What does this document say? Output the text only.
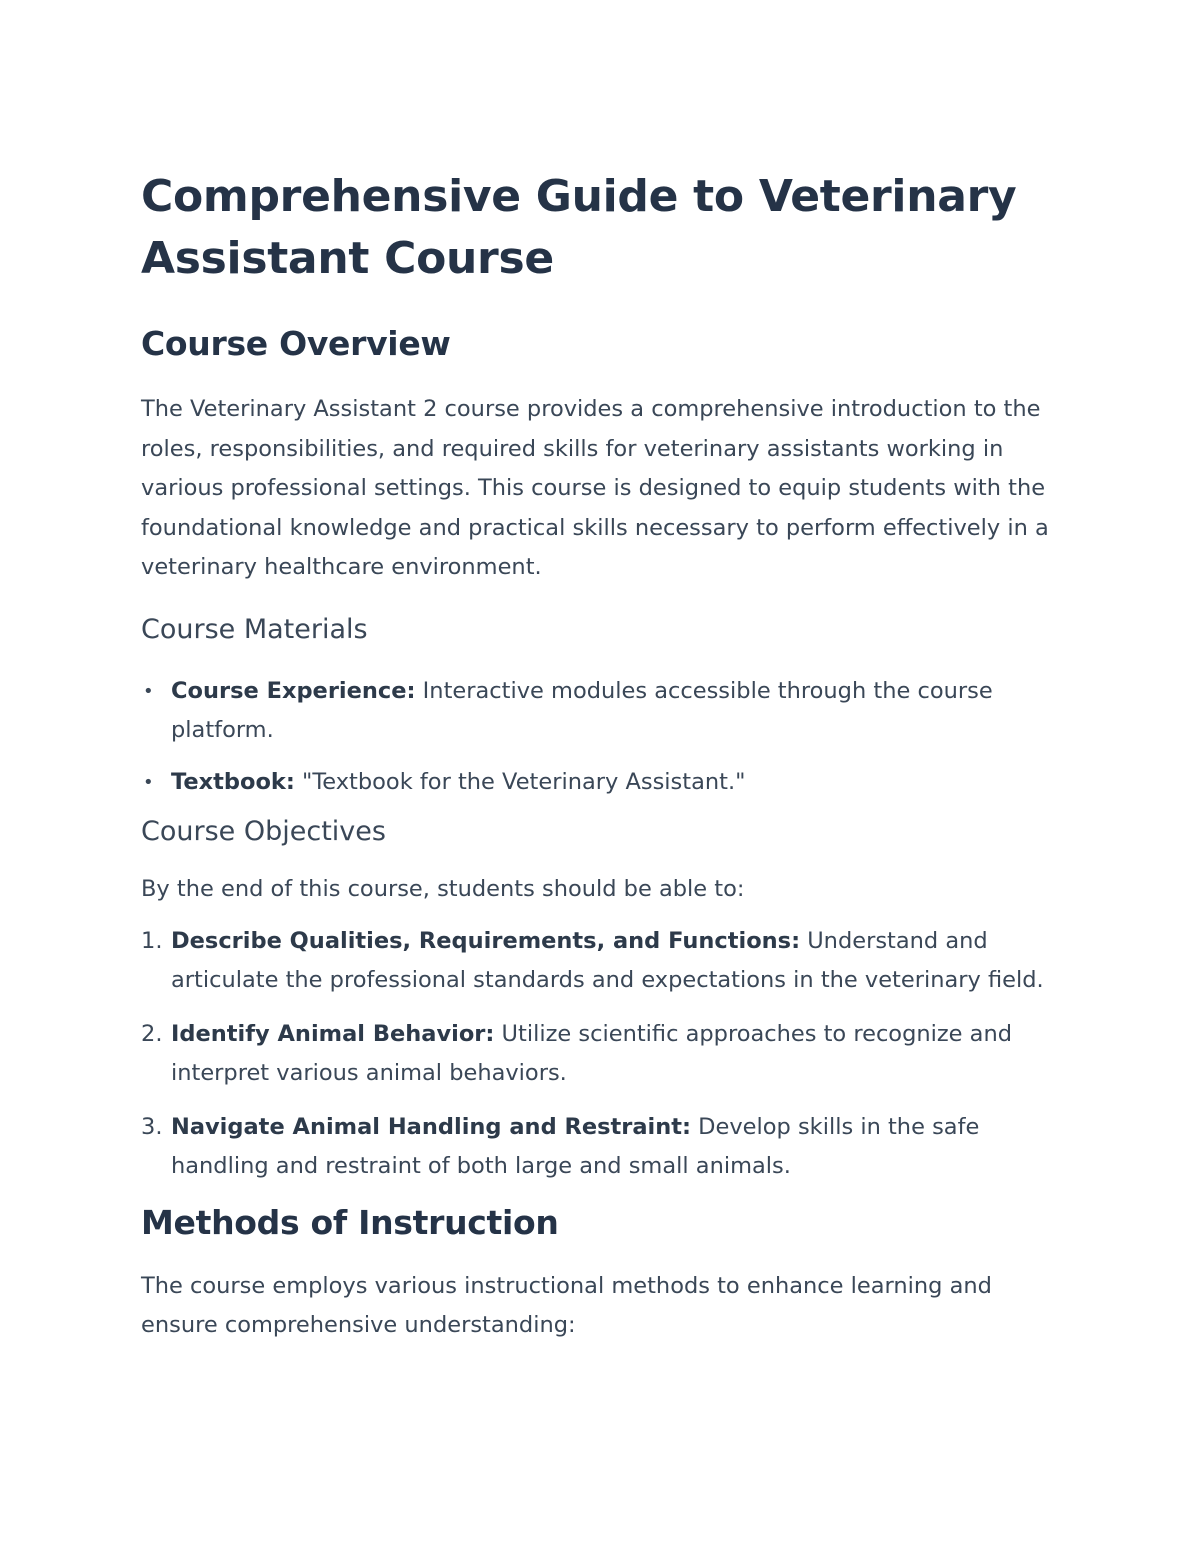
Comprehensive Guide to Veterinary Assistant Course
Course Overview

The Veterinary Assistant 2 course provides a comprehensive introduction to the roles, responsibilities, and required skills for veterinary assistants working in various professional settings. This course is designed to equip students with the foundational knowledge and practical skills necessary to perform effectively in a veterinary healthcare environment.

Course Materials
• Course Experience: Interactive modules accessible through the course platform.
• Textbook: "Textbook for the Veterinary Assistant."
Course Objectives

By the end of this course, students should be able to:

1. Describe Qualities, Requirements, and Functions: Understand and articulate the professional standards and expectations in the veterinary field.
2. Identify Animal Behavior: Utilize scientific approaches to recognize and interpret various animal behaviors.
3. Navigate Animal Handling and Restraint: Develop skills in the safe handling and restraint of both large and small animals.
Methods of Instruction

The course employs various instructional methods to enhance learning and ensure comprehensive understanding:
